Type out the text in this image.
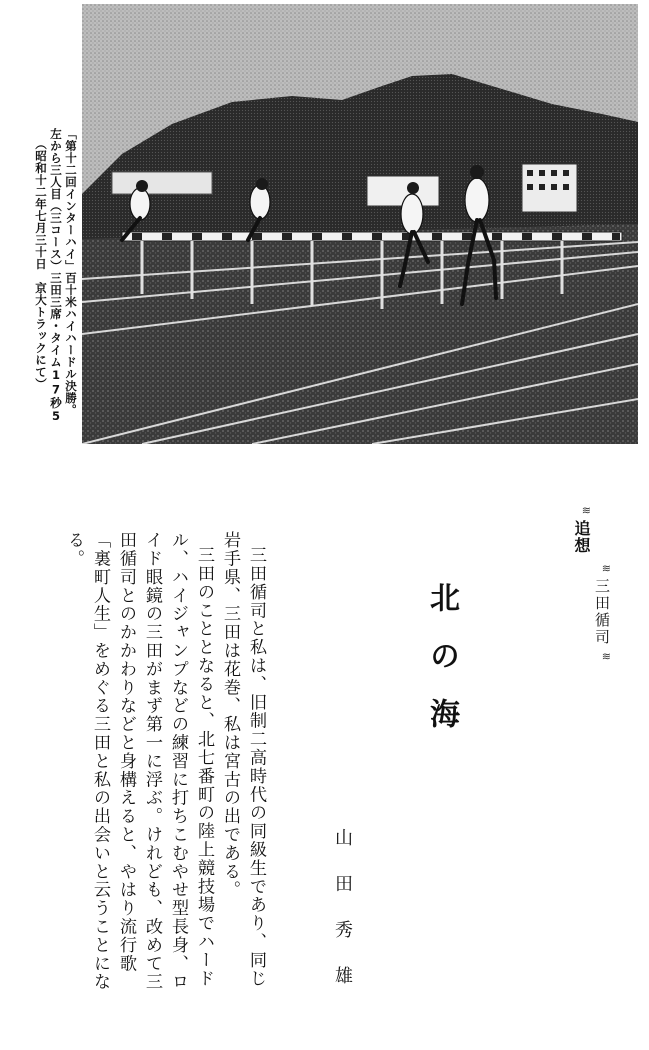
「第十二回インターハイ」百十米ハイハードル決勝。
左から三人目（三コース）三田三席・タイム17秒5
（昭和十二年七月三十日　京大トラックにて）
追想
三田循司
≋
≋
≋
北の海
山田秀雄
三田循司と私は、旧制二高時代の同級生であり、同じ
岩手県、三田は花巻、私は宮古の出である。
三田のこととなると、北七番町の陸上競技場でハード
ル、ハイジャンプなどの練習に打ちこむやせ型長身、ロ
イド眼鏡の三田がまず第一に浮ぶ。けれども、改めて三
田循司とのかかわりなどと身構えると、やはり流行歌
「裏町人生」をめぐる三田と私の出会いと云うことにな
る。
